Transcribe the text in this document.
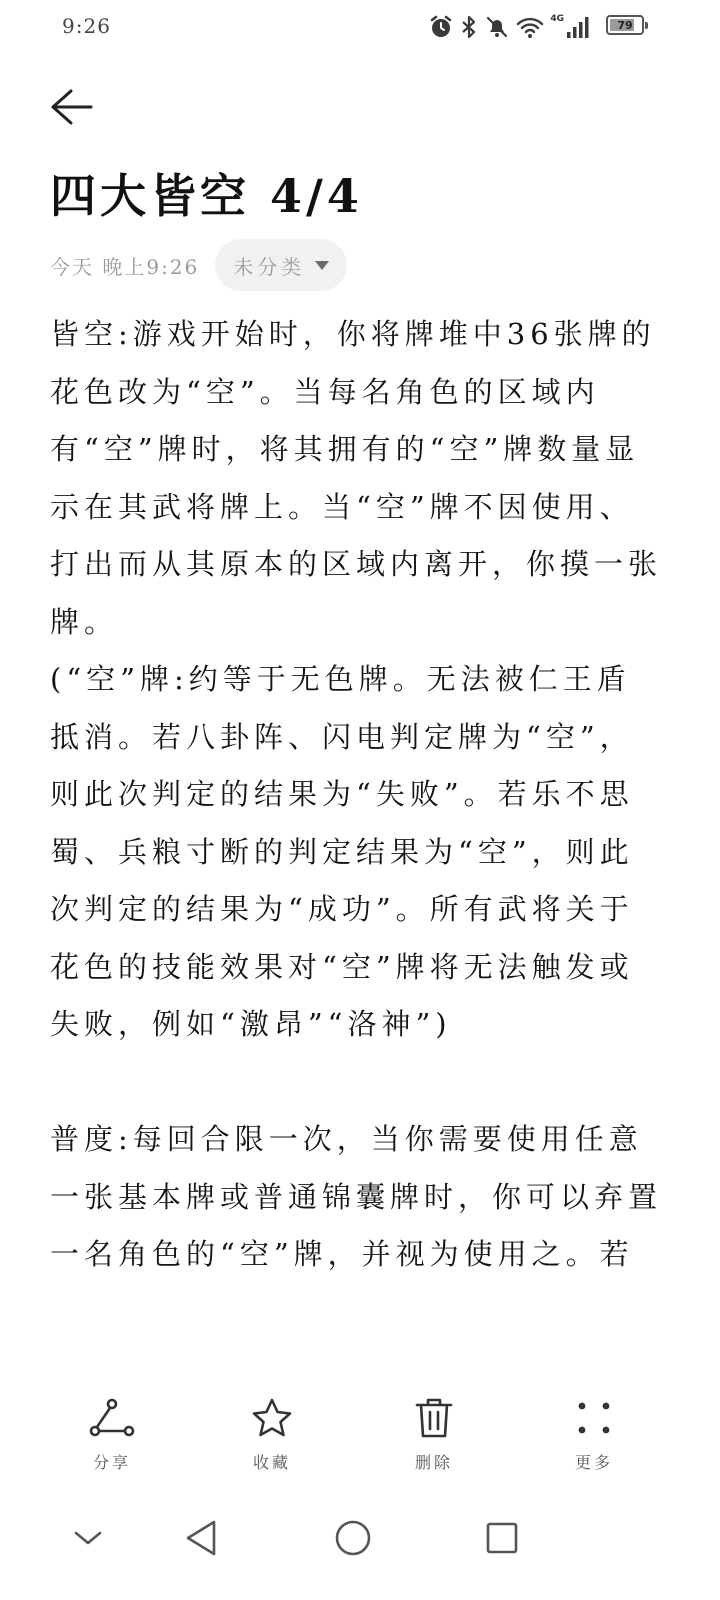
9:26	4G	79
四大皆空 4/4
今天 晚上9:26 未分类

皆空:游戏开始时，你将牌堆中36张牌的花色改为“空”。当每名角色的区域内有“空”牌时，将其拥有的“空”牌数量显示在其武将牌上。当“空”牌不因使用、打出而从其原本的区域内离开，你摸一张牌。

(“空”牌:约等于无色牌。无法被仁王盾抵消。若八卦阵、闪电判定牌为“空”，则此次判定的结果为“失败”。若乐不思蜀、兵粮寸断的判定结果为“空”，则此次判定的结果为“成功”。所有武将关于花色的技能效果对“空”牌将无法触发或失败，例如“激昂”“洛神”)

普度:每回合限一次，当你需要使用任意一张基本牌或普通锦囊牌时，你可以弃置一名角色的“空”牌，并视为使用之。若

分享	收藏	删除	更多
